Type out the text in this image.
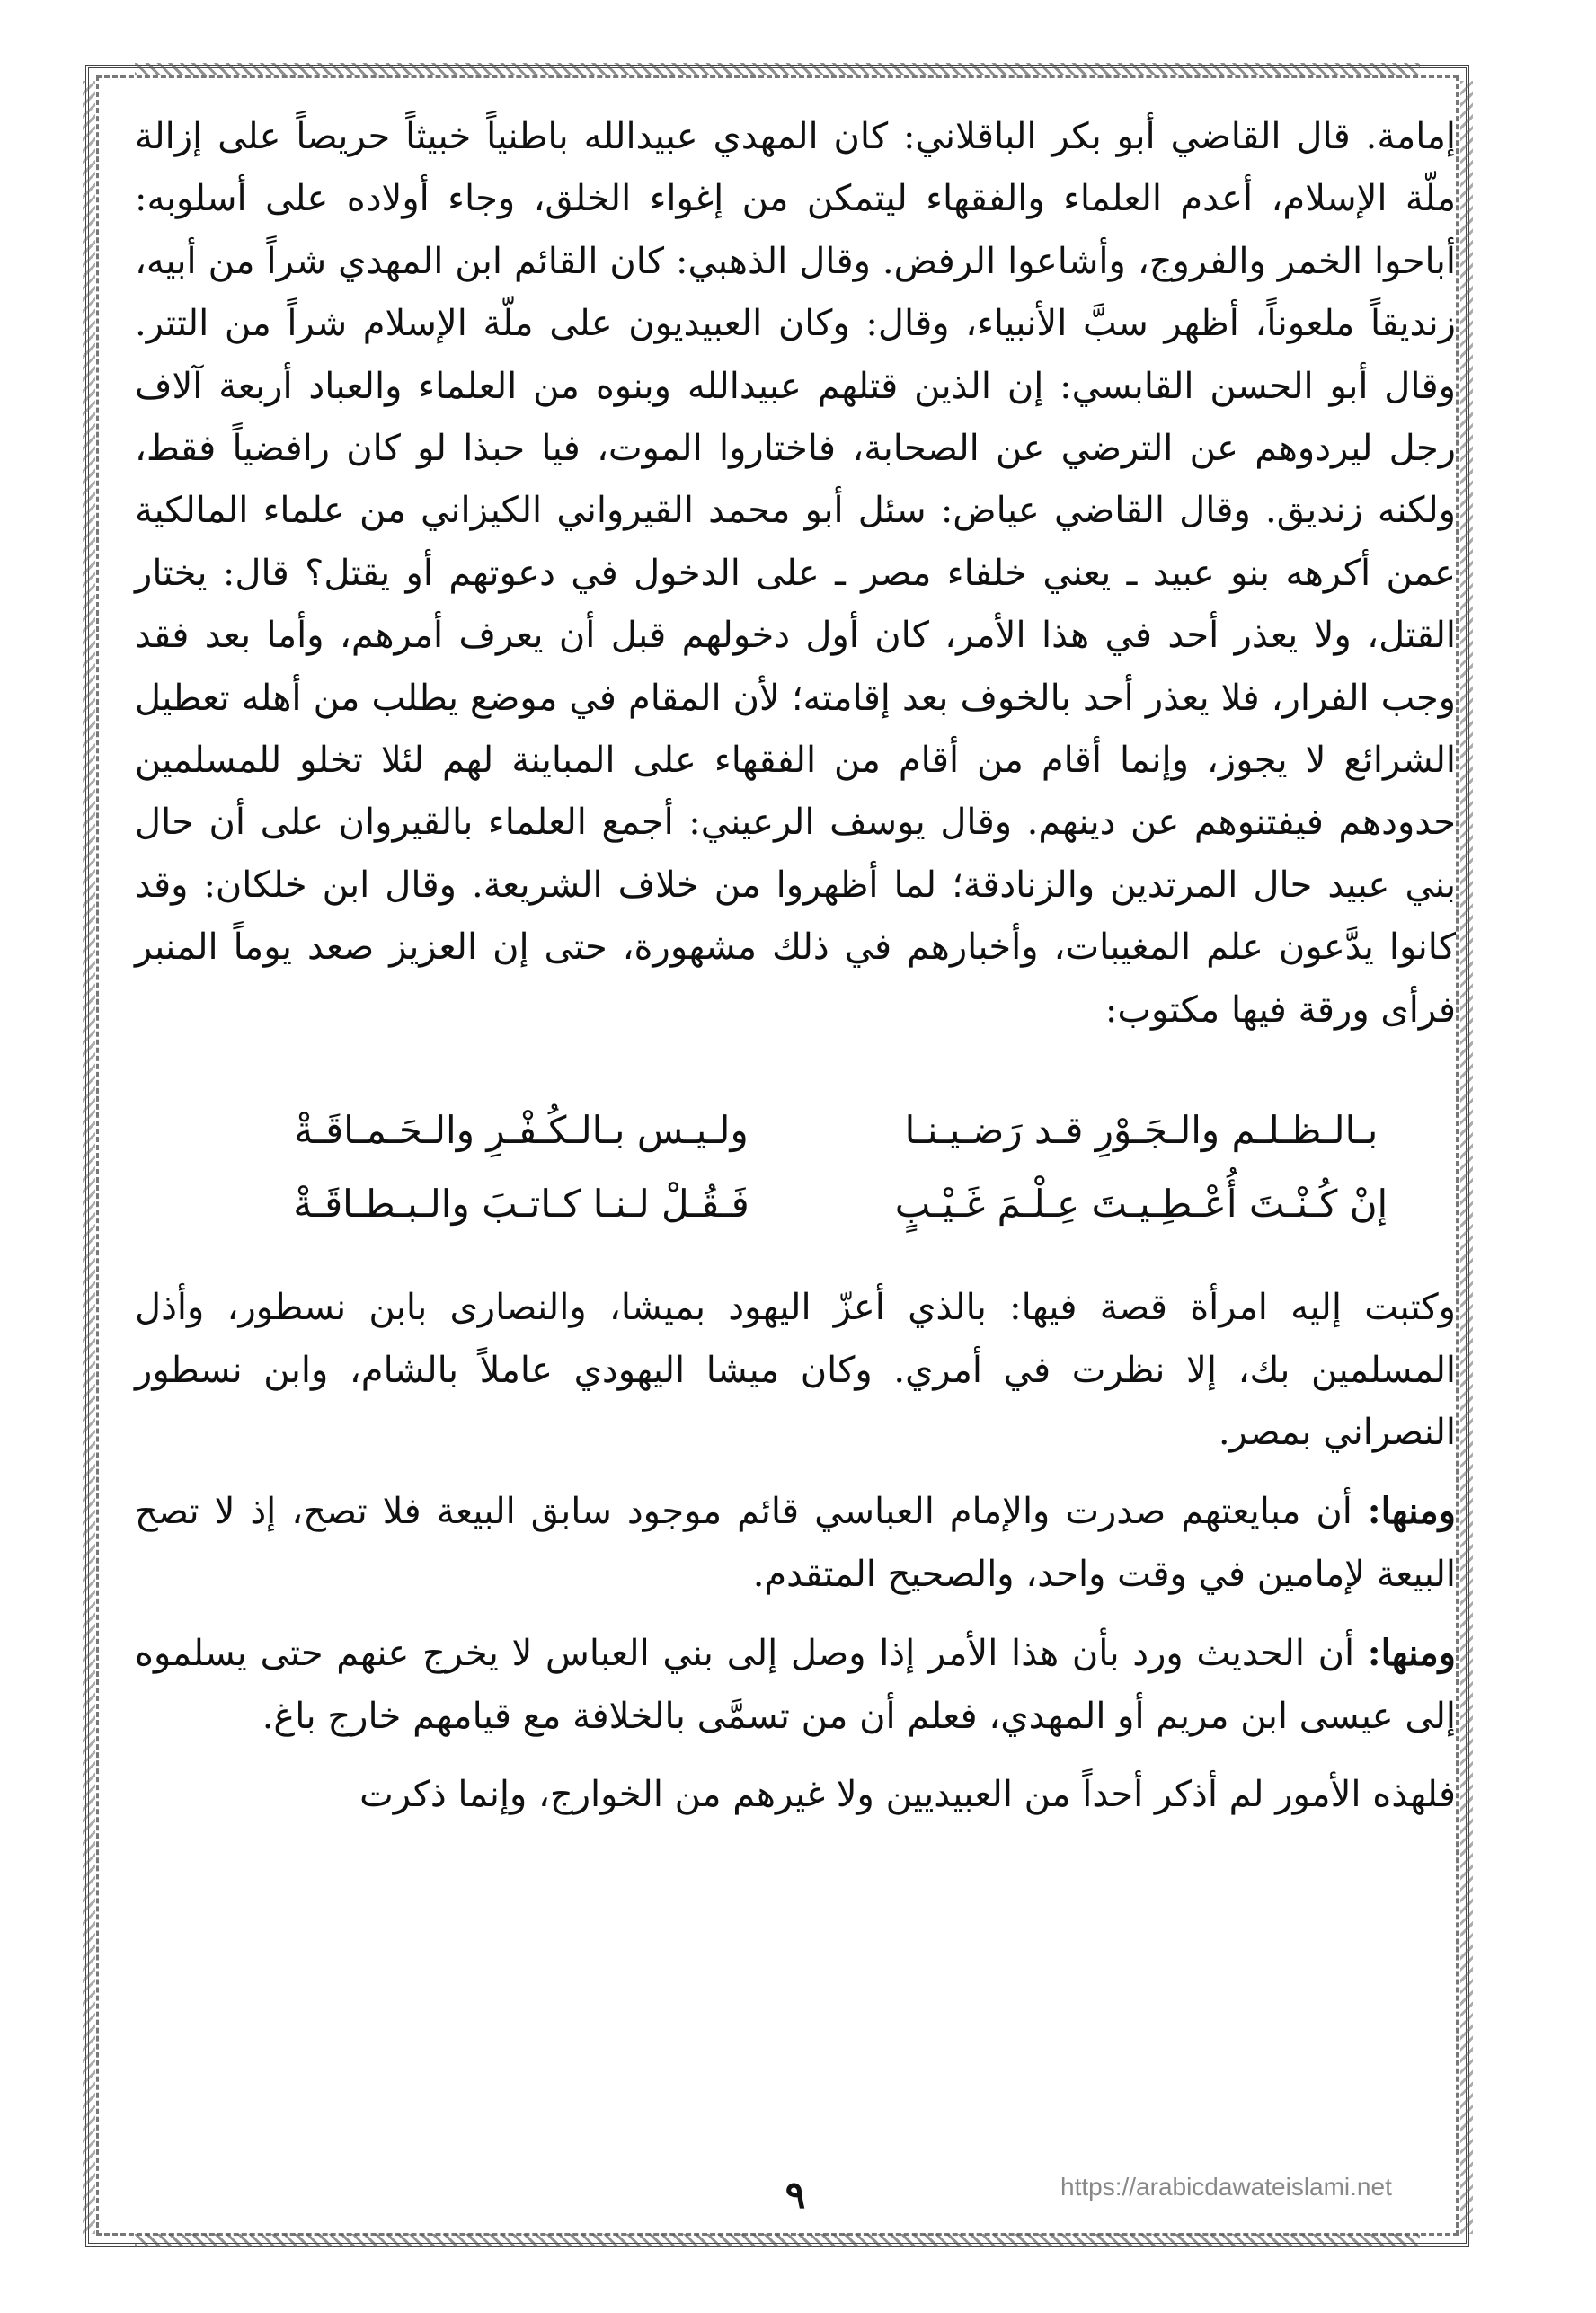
إمامة. قال القاضي أبو بكر الباقلاني: كان المهدي عبيدالله باطنياً خبيثاً حريصاً على إزالة ملّة الإسلام، أعدم العلماء والفقهاء ليتمكن من إغواء الخلق، وجاء أولاده على أسلوبه: أباحوا الخمر والفروج، وأشاعوا الرفض. وقال الذهبي: كان القائم ابن المهدي شراً من أبيه، زنديقاً ملعوناً، أظهر سبَّ الأنبياء، وقال: وكان العبيديون على ملّة الإسلام شراً من التتر. وقال أبو الحسن القابسي: إن الذين قتلهم عبيدالله وبنوه من العلماء والعباد أربعة آلاف رجل ليردوهم عن الترضي عن الصحابة، فاختاروا الموت، فيا حبذا لو كان رافضياً فقط، ولكنه زنديق. وقال القاضي عياض: سئل أبو محمد القيرواني الكيزاني من علماء المالكية عمن أكرهه بنو عبيد ـ يعني خلفاء مصر ـ على الدخول في دعوتهم أو يقتل؟ قال: يختار القتل، ولا يعذر أحد في هذا الأمر، كان أول دخولهم قبل أن يعرف أمرهم، وأما بعد فقد وجب الفرار، فلا يعذر أحد بالخوف بعد إقامته؛ لأن المقام في موضع يطلب من أهله تعطيل الشرائع لا يجوز، وإنما أقام من أقام من الفقهاء على المباينة لهم لئلا تخلو للمسلمين حدودهم فيفتنوهم عن دينهم. وقال يوسف الرعيني: أجمع العلماء بالقيروان على أن حال بني عبيد حال المرتدين والزنادقة؛ لما أظهروا من خلاف الشريعة. وقال ابن خلكان: وقد كانوا يدَّعون علم المغيبات، وأخبارهم في ذلك مشهورة، حتى إن العزيز صعد يوماً المنبر فرأى ورقة فيها مكتوب:

بـالـظـلـم والـجَـوْرِ قـد رَضـيـنـا
ولـيـس بـالـكُـفْـرِ والـحَـمـاقَـةْ
إنْ كُـنْـتَ أُعْـطِـيـتَ عِـلْـمَ غَـيْـبٍ
فَـقُـلْ لـنـا كـاتـبَ والـبـطـاقَـةْ

وكتبت إليه امرأة قصة فيها: بالذي أعزّ اليهود بميشا، والنصارى بابن نسطور، وأذل المسلمين بك، إلا نظرت في أمري. وكان ميشا اليهودي عاملاً بالشام، وابن نسطور النصراني بمصر.

ومنها: أن مبايعتهم صدرت والإمام العباسي قائم موجود سابق البيعة فلا تصح، إذ لا تصح البيعة لإمامين في وقت واحد، والصحيح المتقدم.

ومنها: أن الحديث ورد بأن هذا الأمر إذا وصل إلى بني العباس لا يخرج عنهم حتى يسلموه إلى عيسى ابن مريم أو المهدي، فعلم أن من تسمَّى بالخلافة مع قيامهم خارج باغ.

فلهذه الأمور لم أذكر أحداً من العبيديين ولا غيرهم من الخوارج، وإنما ذكرت

٩	https://arabicdawateislami.net
